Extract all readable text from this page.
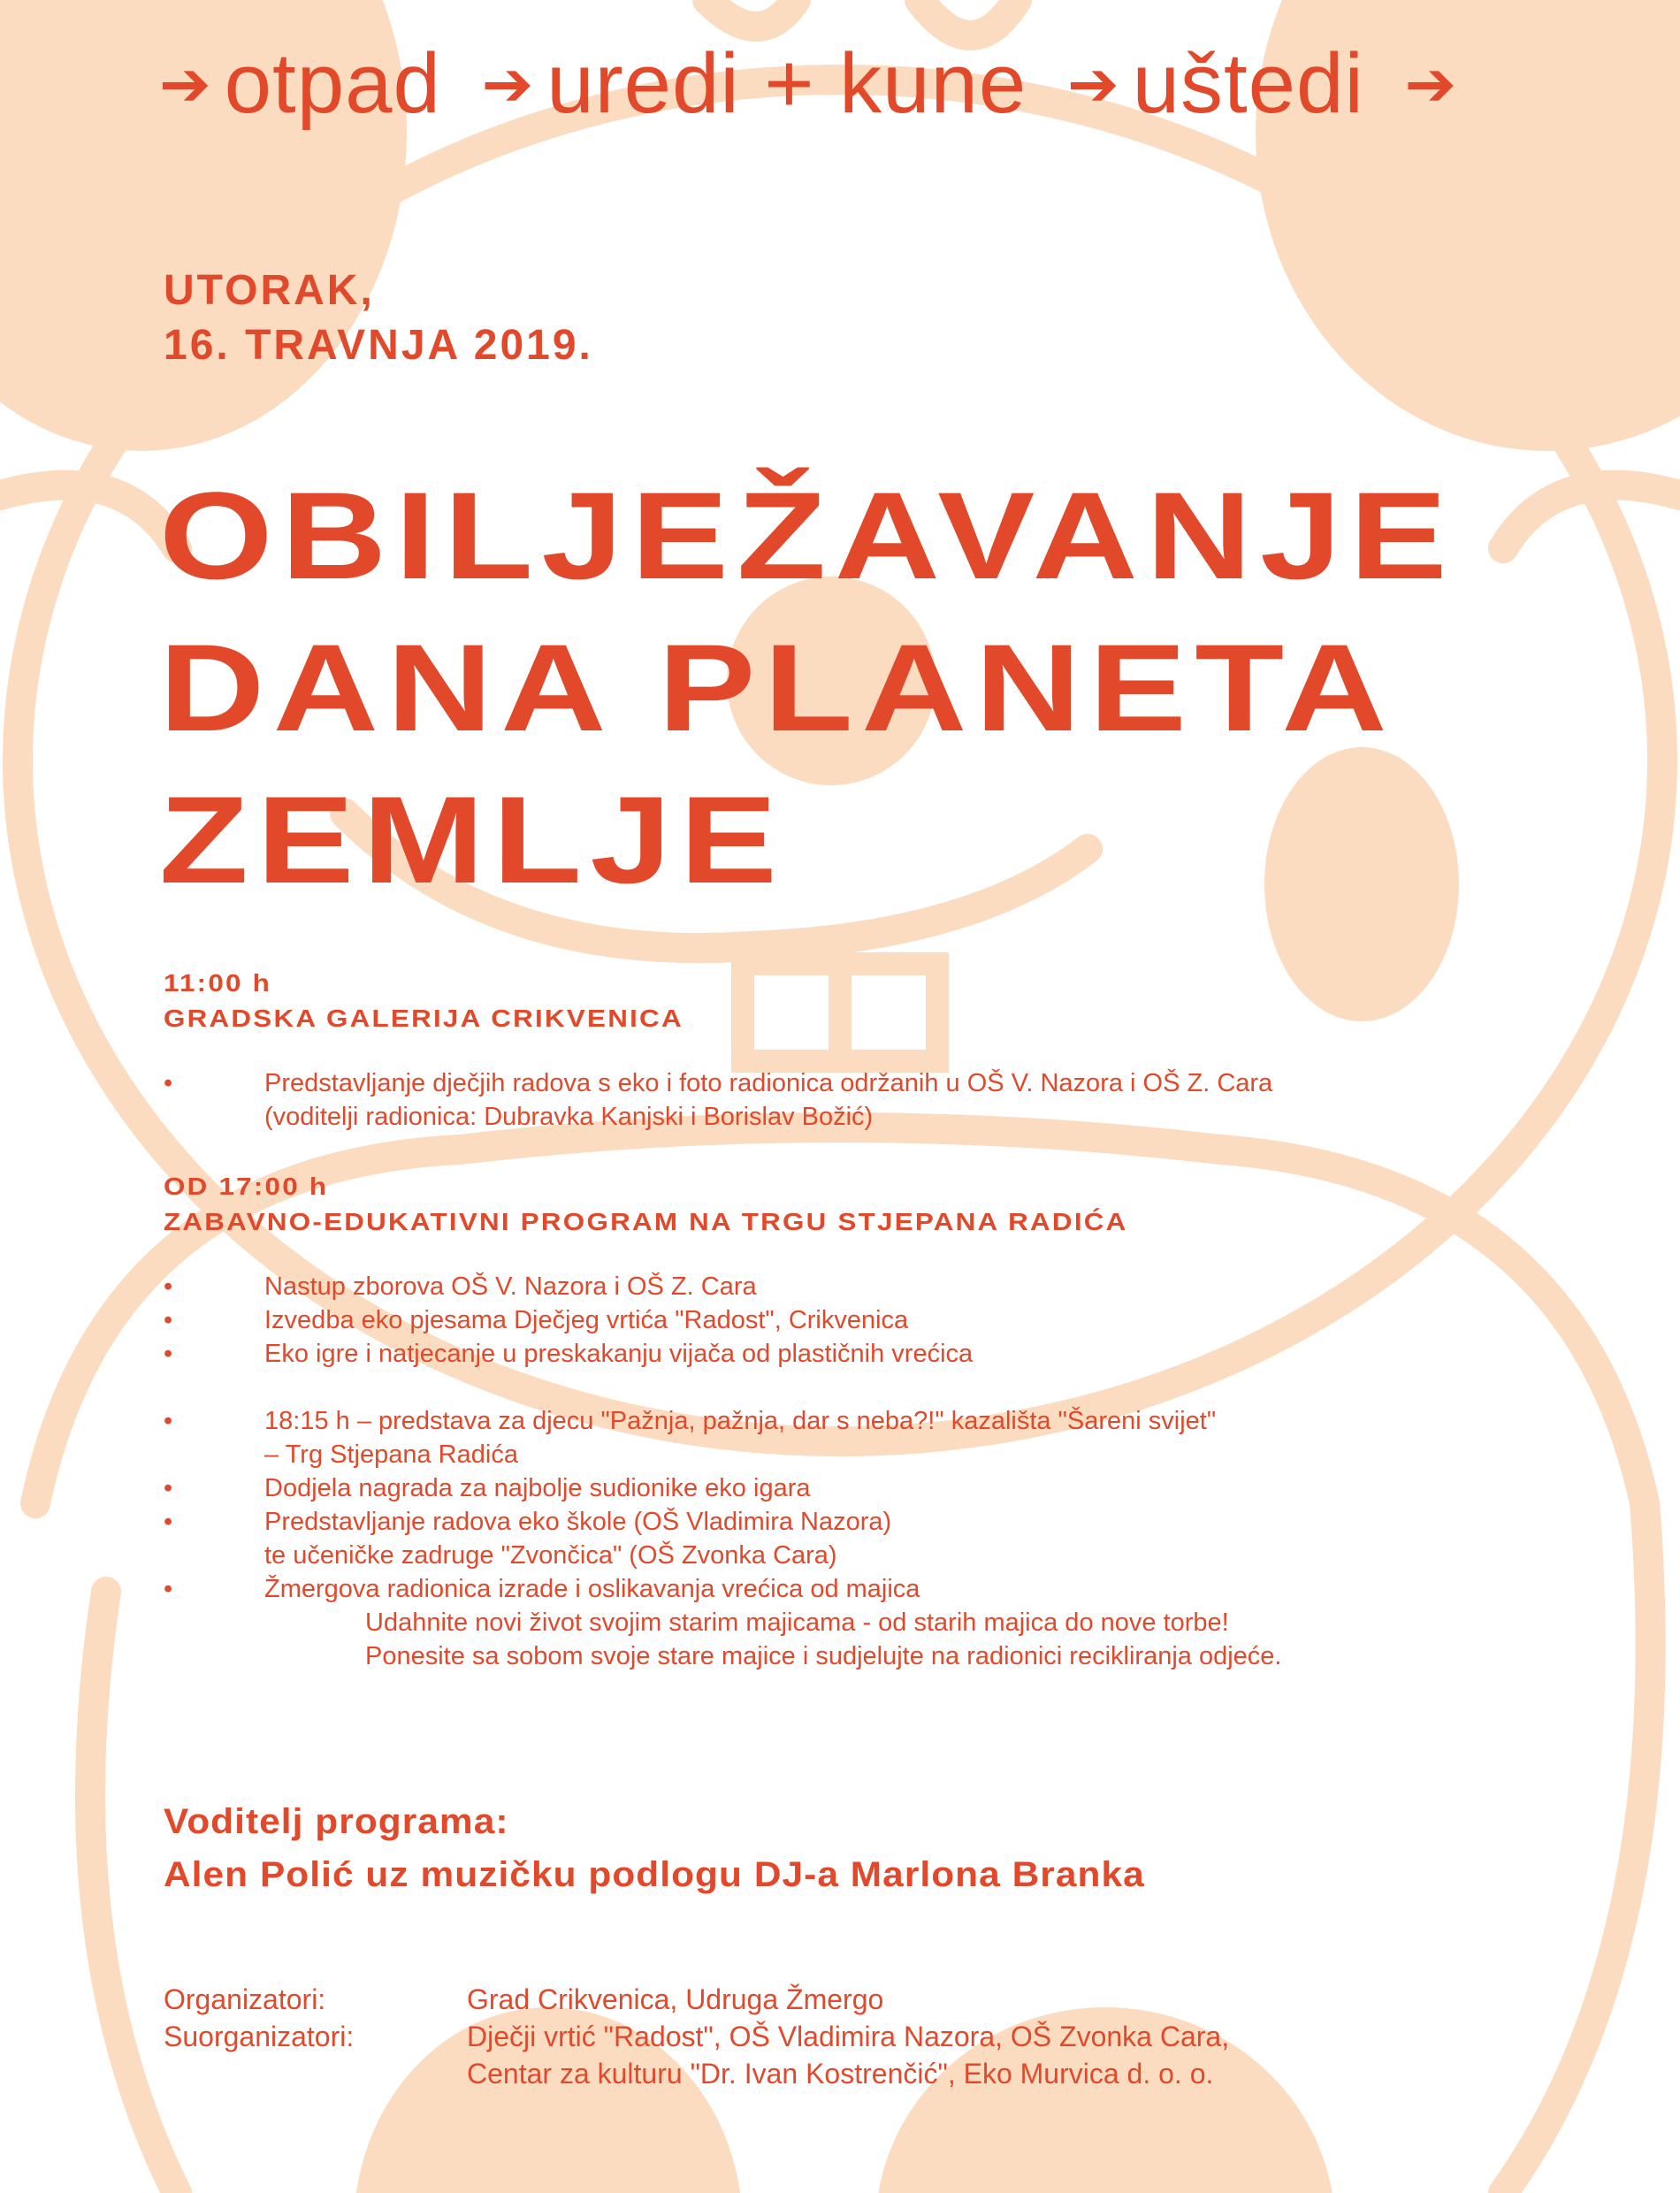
➔ otpad ➔ uredi + kune ➔ uštedi ➔
UTORAK,
16. TRAVNJA 2019.
OBILJEŽAVANJE
DANA PLANETA
ZEMLJE
11:00 h
GRADSKA GALERIJA CRIKVENICA
•	Predstavljanje dječjih radova s eko i foto radionica održanih u OŠ V. Nazora i OŠ Z. Cara
(voditelji radionica: Dubravka Kanjski i Borislav Božić)
OD 17:00 h
ZABAVNO-EDUKATIVNI PROGRAM NA TRGU STJEPANA RADIĆA
•	Nastup zborova OŠ V. Nazora i OŠ Z. Cara
•	Izvedba eko pjesama Dječjeg vrtića "Radost", Crikvenica
•	Eko igre i natjecanje u preskakanju vijača od plastičnih vrećica
•	18:15 h – predstava za djecu "Pažnja, pažnja, dar s neba?!" kazališta "Šareni svijet"
– Trg Stjepana Radića
•	Dodjela nagrada za najbolje sudionike eko igara
•	Predstavljanje radova eko škole (OŠ Vladimira Nazora)
te učeničke zadruge "Zvončica" (OŠ Zvonka Cara)
•	Žmergova radionica izrade i oslikavanja vrećica od majica
Udahnite novi život svojim starim majicama - od starih majica do nove torbe!
Ponesite sa sobom svoje stare majice i sudjelujte na radionici recikliranja odjeće.
Voditelj programa:
Alen Polić uz muzičku podlogu DJ-a Marlona Branka
Organizatori:	Grad Crikvenica, Udruga Žmergo
Suorganizatori:	Dječji vrtić "Radost", OŠ Vladimira Nazora, OŠ Zvonka Cara,
Centar za kulturu "Dr. Ivan Kostrenčić", Eko Murvica d. o. o.
